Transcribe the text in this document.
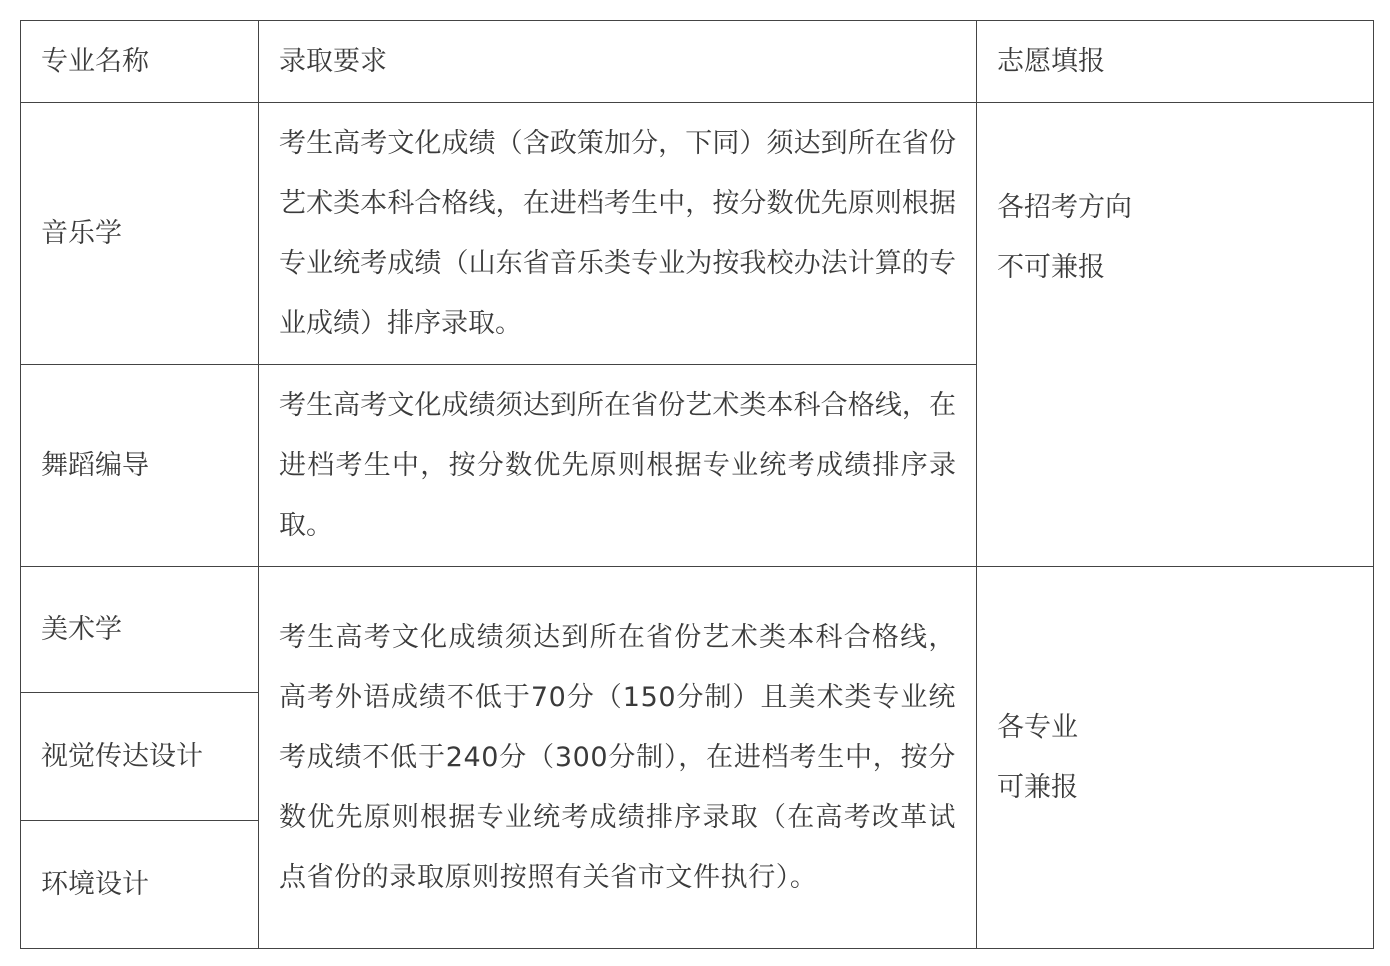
专业名称	录取要求	志愿填报
音乐学	考生高考文化成绩（含政策加分，下同）须达到所在省份艺术类本科合格线，在进档考生中，按分数优先原则根据专业统考成绩（山东省音乐类专业为按我校办法计算的专业成绩）排序录取。	各招考方向
不可兼报

舞蹈编导	考生高考文化成绩须达到所在省份艺术类本科合格线，在进档考生中，按分数优先原则根据专业统考成绩排序录取。	
美术学	考生高考文化成绩须达到所在省份艺术类本科合格线，高考外语成绩不低于70分（150分制）且美术类专业统考成绩不低于240分（300分制），在进档考生中，按分数优先原则根据专业统考成绩排序录取（在高考改革试点省份的录取原则按照有关省市文件执行）。	各专业
可兼报

视觉传达设计		
环境设计		
